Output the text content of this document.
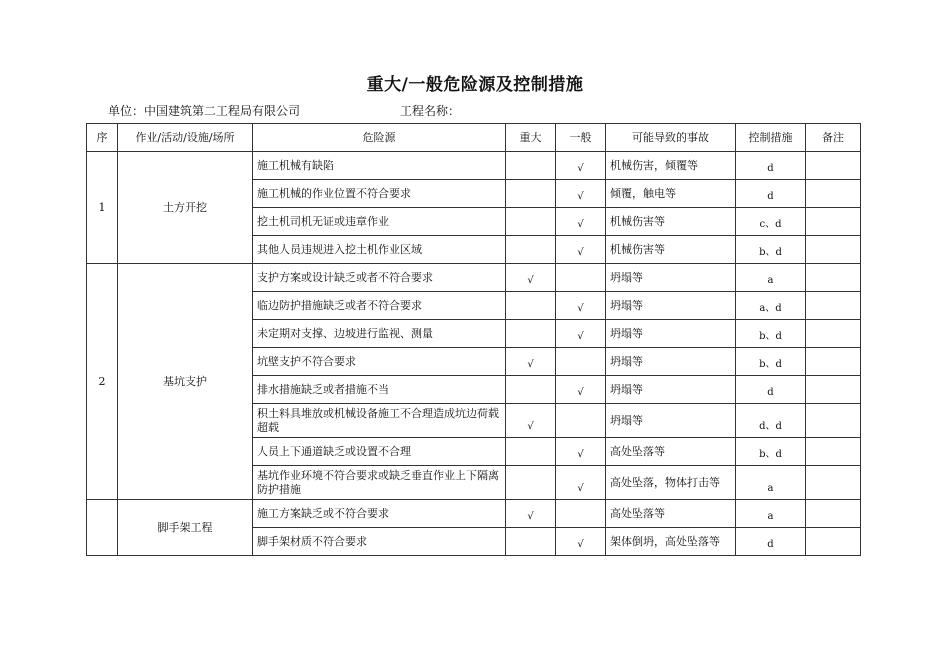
重大/一般危险源及控制措施
单位：中国建筑第二工程局有限公司	工程名称：
序	作业/活动/设施/场所	危险源	重大	一般	可能导致的事故	控制措施	备注
1	土方开挖	施工机械有缺陷		√	机械伤害，倾覆等	d	
		施工机械的作业位置不符合要求		√	倾覆，触电等	d	
		挖土机司机无证或违章作业		√	机械伤害等	c、d	
		其他人员违规进入挖土机作业区域		√	机械伤害等	b、d	
2	基坑支护	支护方案或设计缺乏或者不符合要求	√		坍塌等	a	
		临边防护措施缺乏或者不符合要求		√	坍塌等	a、d	
		未定期对支撑、边坡进行监视、测量		√	坍塌等	b、d	
		坑壁支护不符合要求	√		坍塌等	b、d	
		排水措施缺乏或者措施不当		√	坍塌等	d	
		积土料具堆放或机械设备施工不合理造成坑边荷载超载	√		坍塌等	d、d	
		人员上下通道缺乏或设置不合理		√	高处坠落等	b、d	
		基坑作业环境不符合要求或缺乏垂直作业上下隔离防护措施		√	高处坠落，物体打击等	a	
	脚手架工程	施工方案缺乏或不符合要求	√		高处坠落等	a	
		脚手架材质不符合要求		√	架体倒坍，高处坠落等	d	
